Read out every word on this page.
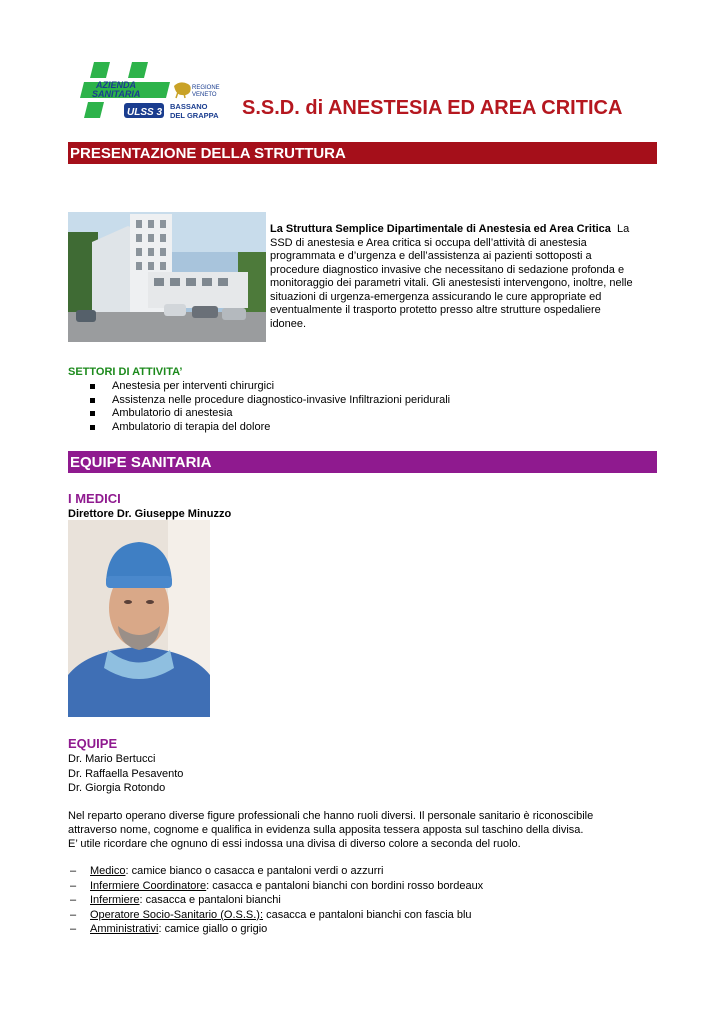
AZIENDA
SANITARIA
ULSS 3
REGIONE
VENETO
BASSANO
DEL GRAPPA S.S.D. di ANESTESIA ED AREA CRITICA
PRESENTAZIONE DELLA STRUTTURA
La Struttura Semplice Dipartimentale di Anestesia ed Area Critica La
SSD di anestesia e Area critica si occupa dell’attività di anestesia
programmata e d’urgenza e dell’assistenza ai pazienti sottoposti a
procedure diagnostico invasive che necessitano di sedazione profonda e
monitoraggio dei parametri vitali. Gli anestesisti intervengono, inoltre, nelle
situazioni di urgenza-emergenza assicurando le cure appropriate ed
eventualmente il trasporto protetto presso altre strutture ospedaliere
idonee.
SETTORI DI ATTIVITA’
Anestesia per interventi chirurgici
Assistenza nelle procedure diagnostico-invasive Infiltrazioni peridurali
Ambulatorio di anestesia
Ambulatorio di terapia del dolore
EQUIPE SANITARIA
I MEDICI
Direttore Dr. Giuseppe Minuzzo
EQUIPE
Dr. Mario Bertucci
Dr. Raffaella Pesavento
Dr. Giorgia Rotondo
Nel reparto operano diverse figure professionali che hanno ruoli diversi. Il personale sanitario è riconoscibile
attraverso nome, cognome e qualifica in evidenza sulla apposita tessera apposta sul taschino della divisa.
E’ utile ricordare che ognuno di essi indossa una divisa di diverso colore a seconda del ruolo.
– Medico: camice bianco o casacca e pantaloni verdi o azzurri
– Infermiere Coordinatore: casacca e pantaloni bianchi con bordini rosso bordeaux
– Infermiere: casacca e pantaloni bianchi
– Operatore Socio-Sanitario (O.S.S.): casacca e pantaloni bianchi con fascia blu
– Amministrativi: camice giallo o grigio
